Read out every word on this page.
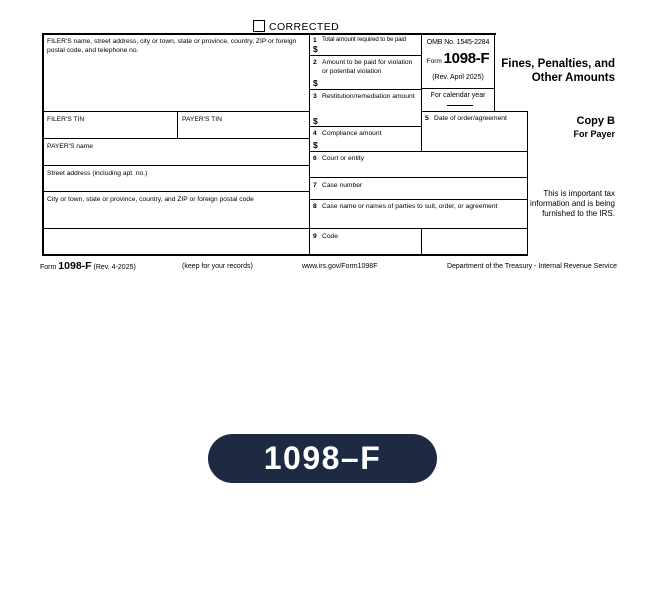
CORRECTED
FILER'S name, street address, city or town, state or province, country, ZIP or foreign postal code, and telephone no.
FILER'S TIN	PAYER'S TIN
PAYER'S name
Street address (including apt. no.)
City or town, state or province, country, and ZIP or foreign postal code
1 Total amount required to be paid
$
2 Amount to be paid for violation or potential violation
$
3 Restitution/remediation amount
$
4 Compliance amount
$
5 Date of order/agreement
6 Court or entity
7 Case number
8 Case name or names of parties to suit, order, or agreement
9 Code
OMB No. 1545-2284
Form 1098-F
(Rev. April 2025)
For calendar year
Fines, Penalties, and
Other Amounts
Copy B
For Payer
This is important tax information and is being furnished to the IRS.
Form 1098-F (Rev. 4-2025)	(keep for your records)	www.irs.gov/Form1098F	Department of the Treasury - Internal Revenue Service
1098–F
